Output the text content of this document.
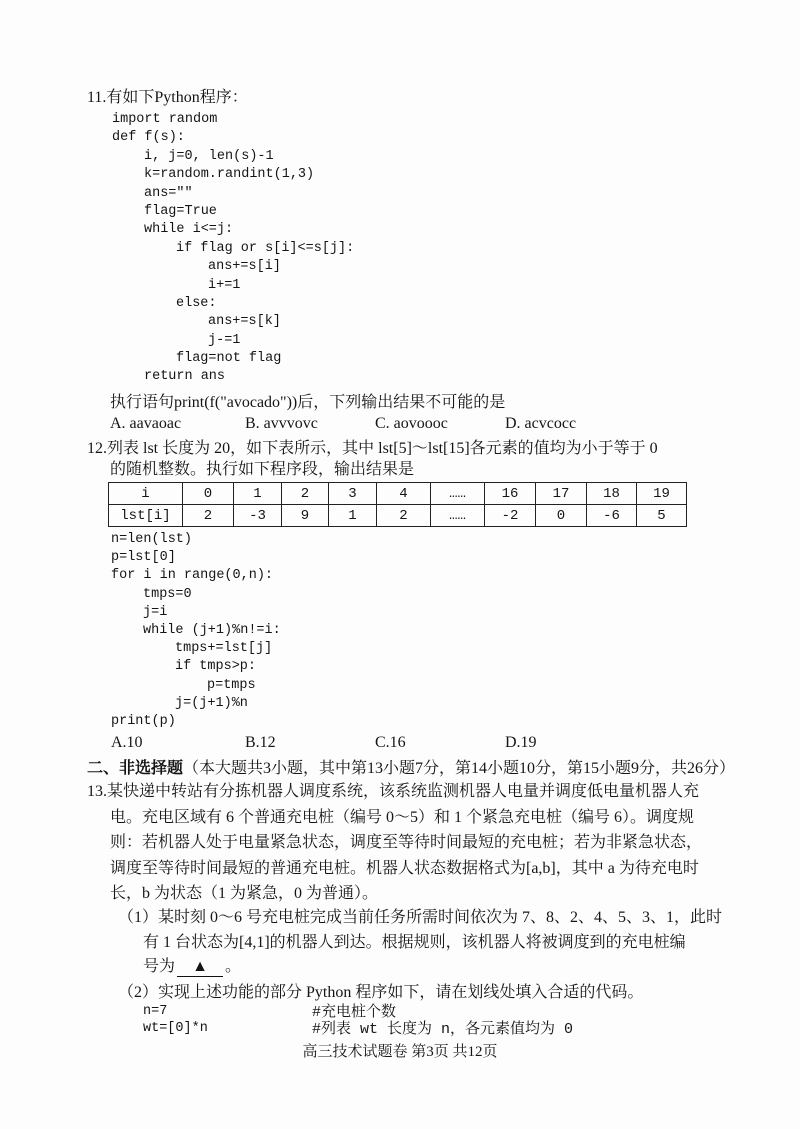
11.有如下Python程序：
import random
def f(s):
i, j=0, len(s)-1
k=random.randint(1,3)
ans=""
flag=True
while i<=j:
if flag or s[i]<=s[j]:
ans+=s[i]
i+=1
else:
ans+=s[k]
j-=1
flag=not flag
return ans
执行语句print(f("avocado"))后，下列输出结果不可能的是
A. aavaoac	B. avvvovc	C. aovoooc	D. acvcocc
12.列表 lst 长度为 20，如下表所示，其中 lst[5]～lst[15]各元素的值均为小于等于 0
的随机整数。执行如下程序段，输出结果是
i	0	1	2	3	4	……	16	17	18	19
lst[i]	2	-3	9	1	2	……	-2	0	-6	5
n=len(lst)
p=lst[0]
for i in range(0,n):
tmps=0
j=i
while (j+1)%n!=i:
tmps+=lst[j]
if tmps>p:
p=tmps
j=(j+1)%n
print(p)
A.10	B.12	C.16	D.19
二、非选择题（本大题共3小题，其中第13小题7分，第14小题10分，第15小题9分，共26分）
13.某快递中转站有分拣机器人调度系统，该系统监测机器人电量并调度低电量机器人充
电。充电区域有 6 个普通充电桩（编号 0～5）和 1 个紧急充电桩（编号 6）。调度规
则：若机器人处于电量紧急状态，调度至等待时间最短的充电桩；若为非紧急状态，
调度至等待时间最短的普通充电桩。机器人状态数据格式为[a,b]，其中 a 为待充电时
长，b 为状态（1 为紧急，0 为普通）。
（1）某时刻 0～6 号充电桩完成当前任务所需时间依次为 7、8、2、4、5、3、1，此时
有 1 台状态为[4,1]的机器人到达。根据规则，该机器人将被调度到的充电桩编
号为 ▲ 。
（2）实现上述功能的部分 Python 程序如下，请在划线处填入合适的代码。
n=7	#充电桩个数
wt=[0]*n	#列表 wt 长度为 n，各元素值均为 0
高三技术试题卷 第3页 共12页
